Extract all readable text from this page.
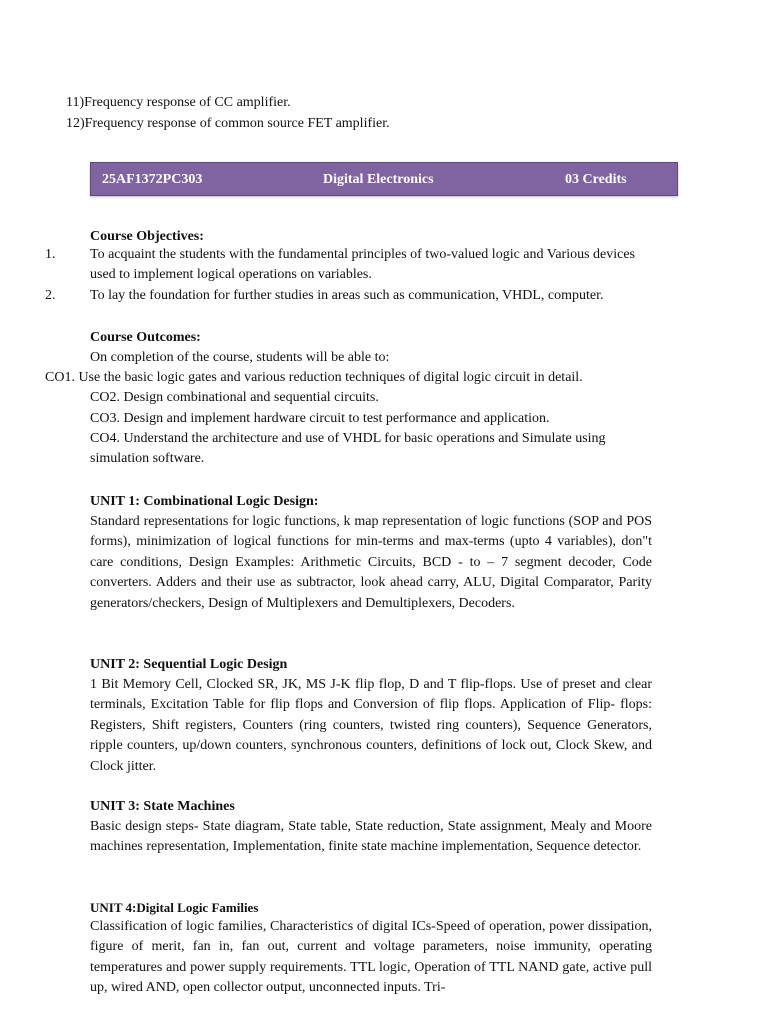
11)Frequency response of CC amplifier.
12)Frequency response of common source FET amplifier.
25AF1372PC303	Digital Electronics	03 Credits
Course Objectives:
1. To acquaint the students with the fundamental principles of two-valued logic and Various devices used to implement logical operations on variables.
2. To lay the foundation for further studies in areas such as communication, VHDL, computer.
Course Outcomes:
On completion of the course, students will be able to:
CO1. Use the basic logic gates and various reduction techniques of digital logic circuit in detail.
CO2. Design combinational and sequential circuits.
CO3. Design and implement hardware circuit to test performance and application.
CO4. Understand the architecture and use of VHDL for basic operations and Simulate using simulation software.
UNIT 1: Combinational Logic Design:
Standard representations for logic functions, k map representation of logic functions (SOP and POS forms), minimization of logical functions for min-terms and max-terms (upto 4 variables), don"t care conditions, Design Examples: Arithmetic Circuits, BCD - to – 7 segment decoder, Code converters. Adders and their use as subtractor, look ahead carry, ALU, Digital Comparator, Parity generators/checkers, Design of Multiplexers and Demultiplexers, Decoders.
UNIT 2: Sequential Logic Design
1 Bit Memory Cell, Clocked SR, JK, MS J-K flip flop, D and T flip-flops. Use of preset and clear terminals, Excitation Table for flip flops and Conversion of flip flops. Application of Flip- flops: Registers, Shift registers, Counters (ring counters, twisted ring counters), Sequence Generators, ripple counters, up/down counters, synchronous counters, definitions of lock out, Clock Skew, and Clock jitter.
UNIT 3: State Machines
Basic design steps- State diagram, State table, State reduction, State assignment, Mealy and Moore machines representation, Implementation, finite state machine implementation, Sequence detector.
UNIT 4:Digital Logic Families
Classification of logic families, Characteristics of digital ICs-Speed of operation, power dissipation, figure of merit, fan in, fan out, current and voltage parameters, noise immunity, operating temperatures and power supply requirements. TTL logic, Operation of TTL NAND gate, active pull up, wired AND, open collector output, unconnected inputs. Tri-
